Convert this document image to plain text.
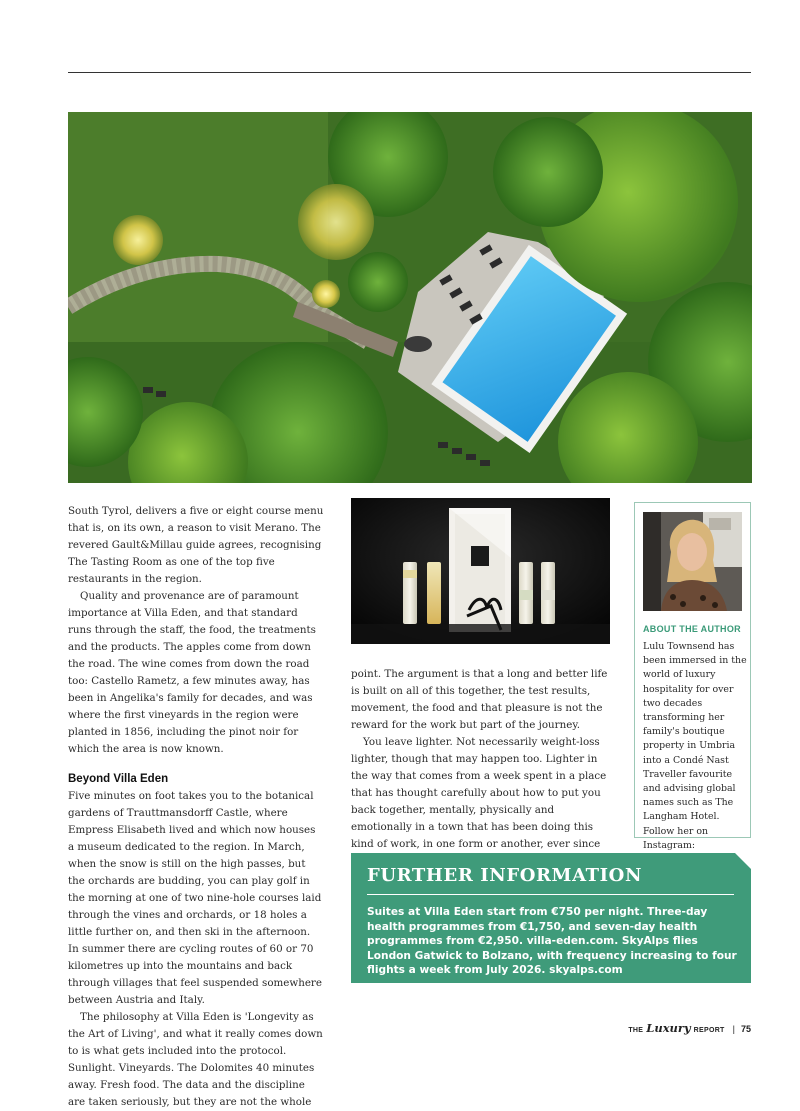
South Tyrol, delivers a five or eight course menu that is, on its own, a reason to visit Merano. The revered Gault&Millau guide agrees, recognising The Tasting Room as one of the top five restaurants in the region.

Quality and provenance are of paramount importance at Villa Eden, and that standard runs through the staff, the food, the treatments and the products. The apples come from down the road. The wine comes from down the road too: Castello Rametz, a few minutes away, has been in Angelika's family for decades, and was where the first vineyards in the region were planted in 1856, including the pinot noir for which the area is now known.

Beyond Villa Eden

Five minutes on foot takes you to the botanical gardens of Trauttmansdorff Castle, where Empress Elisabeth lived and which now houses a museum dedicated to the region. In March, when the snow is still on the high passes, but the orchards are budding, you can play golf in the morning at one of two nine-hole courses laid through the vines and orchards, or 18 holes a little further on, and then ski in the afternoon. In summer there are cycling routes of 60 or 70 kilometres up into the mountains and back through villages that feel suspended somewhere between Austria and Italy.

The philosophy at Villa Eden is 'Longevity as the Art of Living', and what it really comes down to is what gets included into the protocol. Sunlight. Vineyards. The Dolomites 40 minutes away. Fresh food. The data and the discipline are taken seriously, but they are not the whole

point. The argument is that a long and better life is built on all of this together, the test results, movement, the food and that pleasure is not the reward for the work but part of the journey.

You leave lighter. Not necessarily weight-loss lighter, though that may happen too. Lighter in the way that comes from a week spent in a place that has thought carefully about how to put you back together, mentally, physically and emotionally in a town that has been doing this kind of work, in one form or another, ever since

ABOUT THE AUTHOR
Lulu Townsend has been immersed in the world of luxury hospitality for over two decades transforming her family's boutique property in Umbria into a Condé Nast Traveller favourite and advising global names such as The Langham Hotel. Follow her on Instagram:
FURTHER INFORMATION
Suites at Villa Eden start from €750 per night. Three-day health programmes from €1,750, and seven-day health programmes from €2,950. villa-eden.com. SkyAlps flies London Gatwick to Bolzano, with frequency increasing to four flights a week from July 2026. skyalps.com
THE Luxury REPORT | 75
